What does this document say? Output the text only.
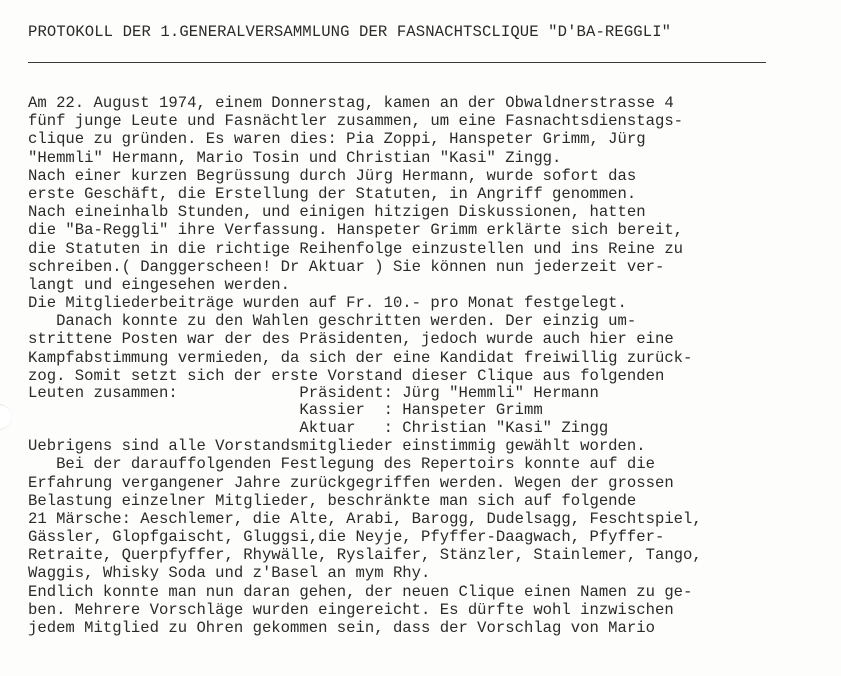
PROTOKOLL DER 1.GENERALVERSAMMLUNG DER FASNACHTSCLIQUE "D'BA-REGGLI"
Am 22. August 1974, einem Donnerstag, kamen an der Obwaldnerstrasse 4
fünf junge Leute und Fasnächtler zusammen, um eine Fasnachtsdienstags-
clique zu gründen. Es waren dies: Pia Zoppi, Hanspeter Grimm, Jürg
"Hemmli" Hermann, Mario Tosin und Christian "Kasi" Zingg.
Nach einer kurzen Begrüssung durch Jürg Hermann, wurde sofort das
erste Geschäft, die Erstellung der Statuten, in Angriff genommen.
Nach eineinhalb Stunden, und einigen hitzigen Diskussionen, hatten
die "Ba-Reggli" ihre Verfassung. Hanspeter Grimm erklärte sich bereit,
die Statuten in die richtige Reihenfolge einzustellen und ins Reine zu
schreiben.( Danggerscheen! Dr Aktuar ) Sie können nun jederzeit ver-
langt und eingesehen werden.
Die Mitgliederbeiträge wurden auf Fr. 10.- pro Monat festgelegt.
Danach konnte zu den Wahlen geschritten werden. Der einzig um-
strittene Posten war der des Präsidenten, jedoch wurde auch hier eine
Kampfabstimmung vermieden, da sich der eine Kandidat freiwillig zurück-
zog. Somit setzt sich der erste Vorstand dieser Clique aus folgenden
Leuten zusammen:             Präsident: Jürg "Hemmli" Hermann
Kassier  : Hanspeter Grimm
Aktuar   : Christian "Kasi" Zingg
Uebrigens sind alle Vorstandsmitglieder einstimmig gewählt worden.
Bei der darauffolgenden Festlegung des Repertoirs konnte auf die
Erfahrung vergangener Jahre zurückgegriffen werden. Wegen der grossen
Belastung einzelner Mitglieder, beschränkte man sich auf folgende
21 Märsche: Aeschlemer, die Alte, Arabi, Barogg, Dudelsagg, Feschtspiel,
Gässler, Glopfgaischt, Gluggsi,die Neyje, Pfyffer-Daagwach, Pfyffer-
Retraite, Querpfyffer, Rhywälle, Ryslaifer, Stänzler, Stainlemer, Tango,
Waggis, Whisky Soda und z'Basel an mym Rhy.
Endlich konnte man nun daran gehen, der neuen Clique einen Namen zu ge-
ben. Mehrere Vorschläge wurden eingereicht. Es dürfte wohl inzwischen
jedem Mitglied zu Ohren gekommen sein, dass der Vorschlag von Mario
